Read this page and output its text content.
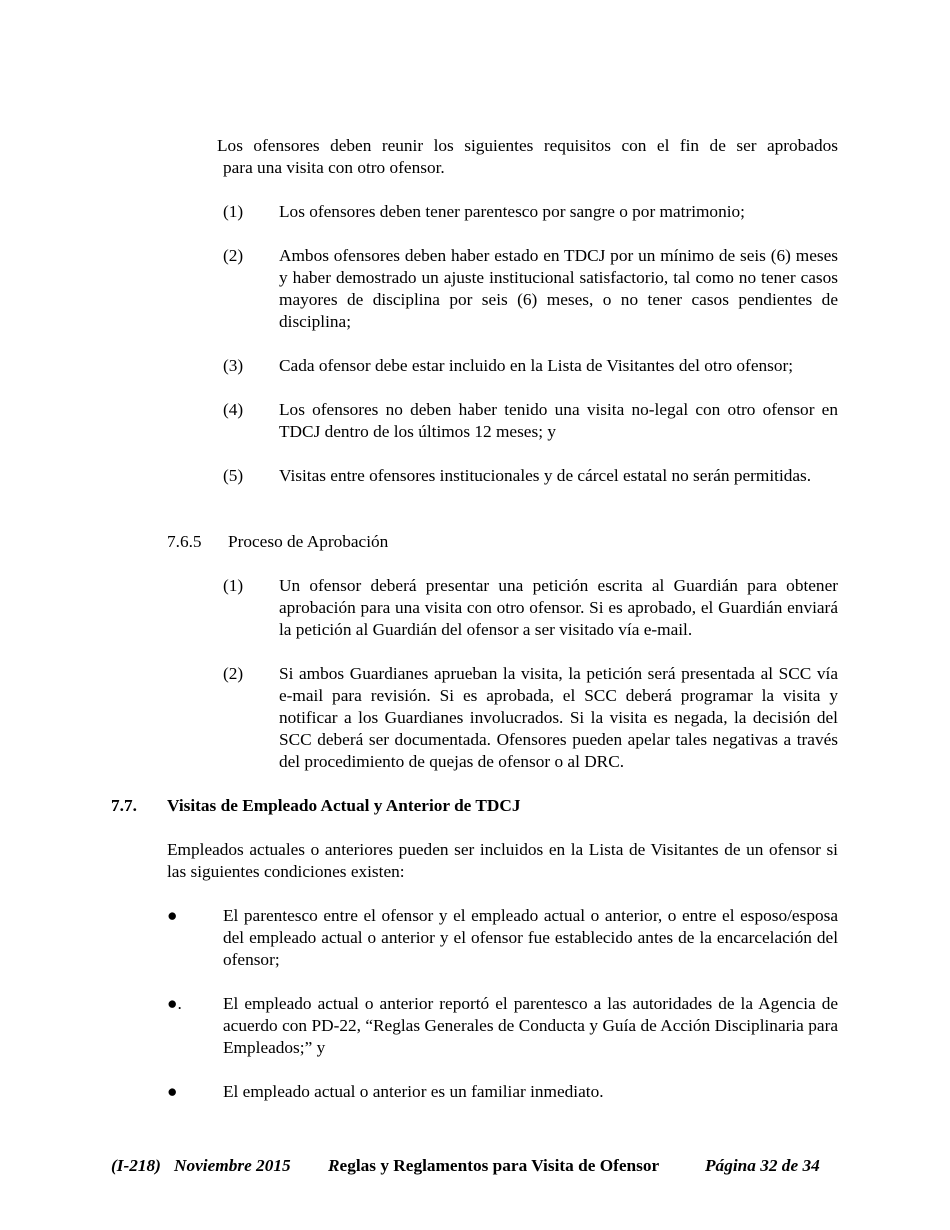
Los ofensores deben reunir los siguientes requisitos con el fin de ser aprobados
para una visita con otro ofensor.
(1) Los ofensores deben tener parentesco por sangre o por matrimonio;
(2) Ambos ofensores deben haber estado en TDCJ por un mínimo de seis (6) meses y haber demostrado un ajuste institucional satisfactorio, tal como no tener casos mayores de disciplina por seis (6) meses, o no tener casos pendientes de disciplina;
(3) Cada ofensor debe estar incluido en la Lista de Visitantes del otro ofensor;
(4) Los ofensores no deben haber tenido una visita no-legal con otro ofensor en TDCJ dentro de los últimos 12 meses; y
(5) Visitas entre ofensores institucionales y de cárcel estatal no serán permitidas.
7.6.5 Proceso de Aprobación
(1) Un ofensor deberá presentar una petición escrita al Guardián para obtener aprobación para una visita con otro ofensor. Si es aprobado, el Guardián enviará la petición al Guardián del ofensor a ser visitado vía e-mail.
(2) Si ambos Guardianes aprueban la visita, la petición será presentada al SCC vía e-mail para revisión. Si es aprobada, el SCC deberá programar la visita y notificar a los Guardianes involucrados. Si la visita es negada, la decisión del SCC deberá ser documentada. Ofensores pueden apelar tales negativas a través del procedimiento de quejas de ofensor o al DRC.
7.7. Visitas de Empleado Actual y Anterior de TDCJ
Empleados actuales o anteriores pueden ser incluidos en la Lista de Visitantes de un ofensor si las siguientes condiciones existen:
●	El parentesco entre el ofensor y el empleado actual o anterior, o entre el esposo/esposa del empleado actual o anterior y el ofensor fue establecido antes de la encarcelación del ofensor;
●. El empleado actual o anterior reportó el parentesco a las autoridades de la Agencia de acuerdo con PD-22, “Reglas Generales de Conducta y Guía de Acción Disciplinaria para Empleados;” y
●	El empleado actual o anterior es un familiar inmediato.
(I-218) Noviembre 2015 Reglas y Reglamentos para Visita de Ofensor	Página 32 de 34
